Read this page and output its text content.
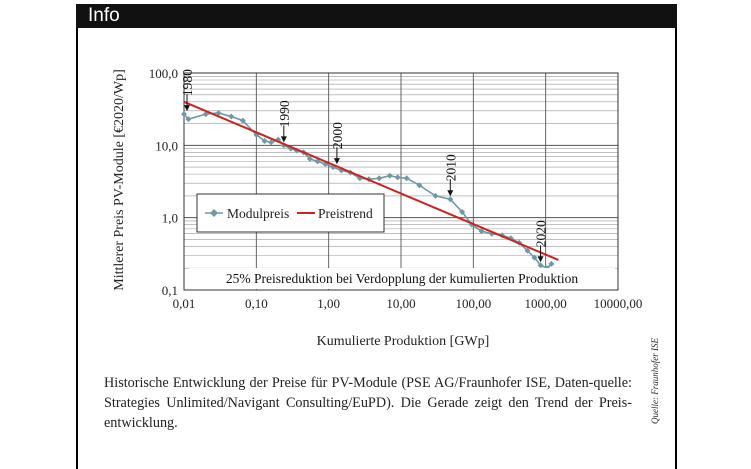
Info
1980
1990
2000
2010
2020
0,01	0,10	1,00	10,00	100,00	1000,00 10000,00
0,1
1,0
10,0
100,0
Modulpreis Preistrend
25% Preisreduktion bei Verdopplung der kumulierten Produktion
Kumulierte Produktion [GWp]
Mittlerer Preis PV-Module [€2020/Wp]
Historische Entwicklung der Preise für PV-Module (PSE AG/Fraunhofer ISE, Daten-quelle: Strategies Unlimited/Navigant Consulting/EuPD). Die Gerade zeigt den Trend der Preis-entwicklung.	Quelle: Fraunhofer ISE
